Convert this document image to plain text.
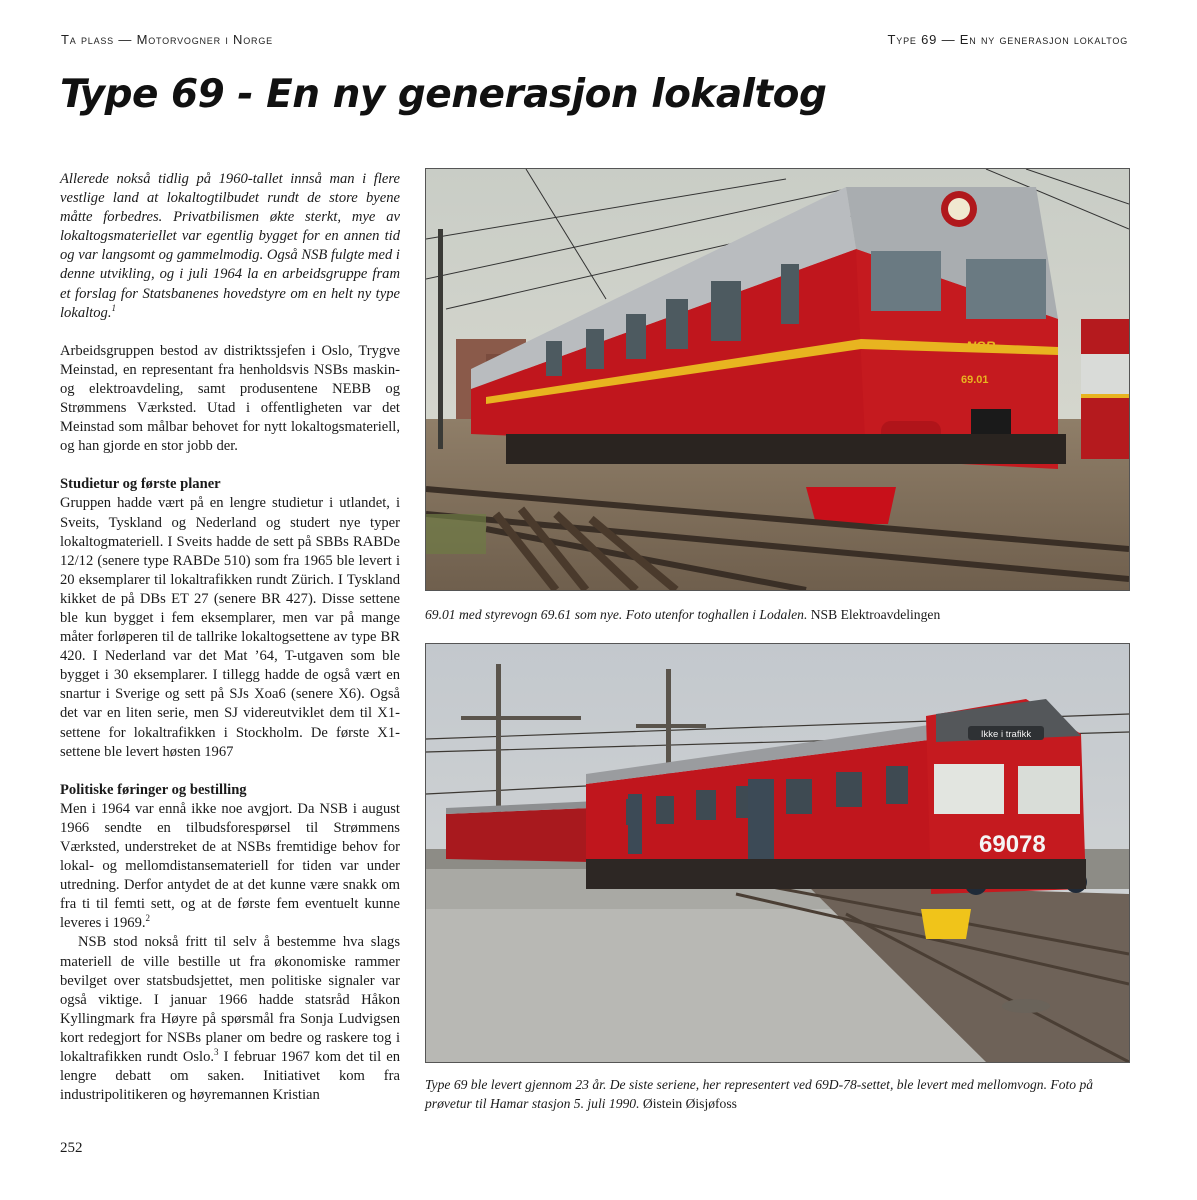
Ta plass — Motorvogner i Norge	Type 69 — En ny generasjon lokaltog
Type 69 - En ny generasjon lokaltog

Allerede nokså tidlig på 1960-tallet innså man i flere vestlige land at lokaltogtilbudet rundt de store byene måtte forbedres. Privatbilismen økte sterkt, mye av lokaltogsmateriellet var egentlig bygget for en annen tid og var langsomt og gammelmodig. Også NSB fulgte med i denne utvikling, og i juli 1964 la en arbeidsgruppe fram et forslag for Statsbanenes hovedstyre om en helt ny type lokaltog.$^1$

Arbeidsgruppen bestod av distriktssjefen i Oslo, Trygve Meinstad, en representant fra henholdsvis NSBs maskin- og elektroavdeling, samt produsentene NEBB og Strømmens Værksted. Utad i offentligheten var det Meinstad som målbar behovet for nytt lokaltogsmateriell, og han gjorde en stor jobb der.

Studietur og første planer

Gruppen hadde vært på en lengre studietur i utlandet, i Sveits, Tyskland og Nederland og studert nye typer lokaltogmateriell. I Sveits hadde de sett på SBBs RABDe 12/12 (senere type RABDe 510) som fra 1965 ble levert i 20 eksemplarer til lokaltrafikken rundt Zürich. I Tyskland kikket de på DBs ET 27 (senere BR 427). Disse settene ble kun bygget i fem eksemplarer, men var på mange måter forløperen til de tallrike lokaltogsettene av type BR 420. I Nederland var det Mat ’64, T-utgaven som ble bygget i 30 eksemplarer. I tillegg hadde de også vært en snartur i Sverige og sett på SJs Xoa6 (senere X6). Også det var en liten serie, men SJ videreutviklet dem til X1-settene for lokaltrafikken i Stockholm. De første X1-settene ble levert høsten 1967

Politiske føringer og bestilling

Men i 1964 var ennå ikke noe avgjort. Da NSB i august 1966 sendte en tilbudsforespørsel til Strømmens Værksted, understreket de at NSBs fremtidige behov for lokal- og mellomdistansemateriell for tiden var under utredning. Derfor antydet de at det kunne være snakk om fra ti til femti sett, og at de første fem eventuelt kunne leveres i 1969.$^2$

NSB stod nokså fritt til selv å bestemme hva slags materiell de ville bestille ut fra økonomiske rammer bevilget over statsbudsjettet, men politiske signaler var også viktige. I januar 1966 hadde statsråd Håkon Kyllingmark fra Høyre på spørsmål fra Sonja Ludvigsen kort redegjort for NSBs planer om bedre og raskere tog i lokaltrafikken rundt Oslo.$^3$ I februar 1967 kom det til en lengre debatt om saken. Initiativet kom fra industripolitikeren og høyremannen Kristian

69.01
NSB
69.01 med styrevogn 69.61 som nye. Foto utenfor toghallen i Lodalen. NSB Elektroavdelingen
Ikke i trafikk
69078
Type 69 ble levert gjennom 23 år. De siste seriene, her representert ved 69D-78-settet, ble levert med mellomvogn. Foto på prøvetur til Hamar stasjon 5. juli 1990. Øistein Øisjøfoss
252
